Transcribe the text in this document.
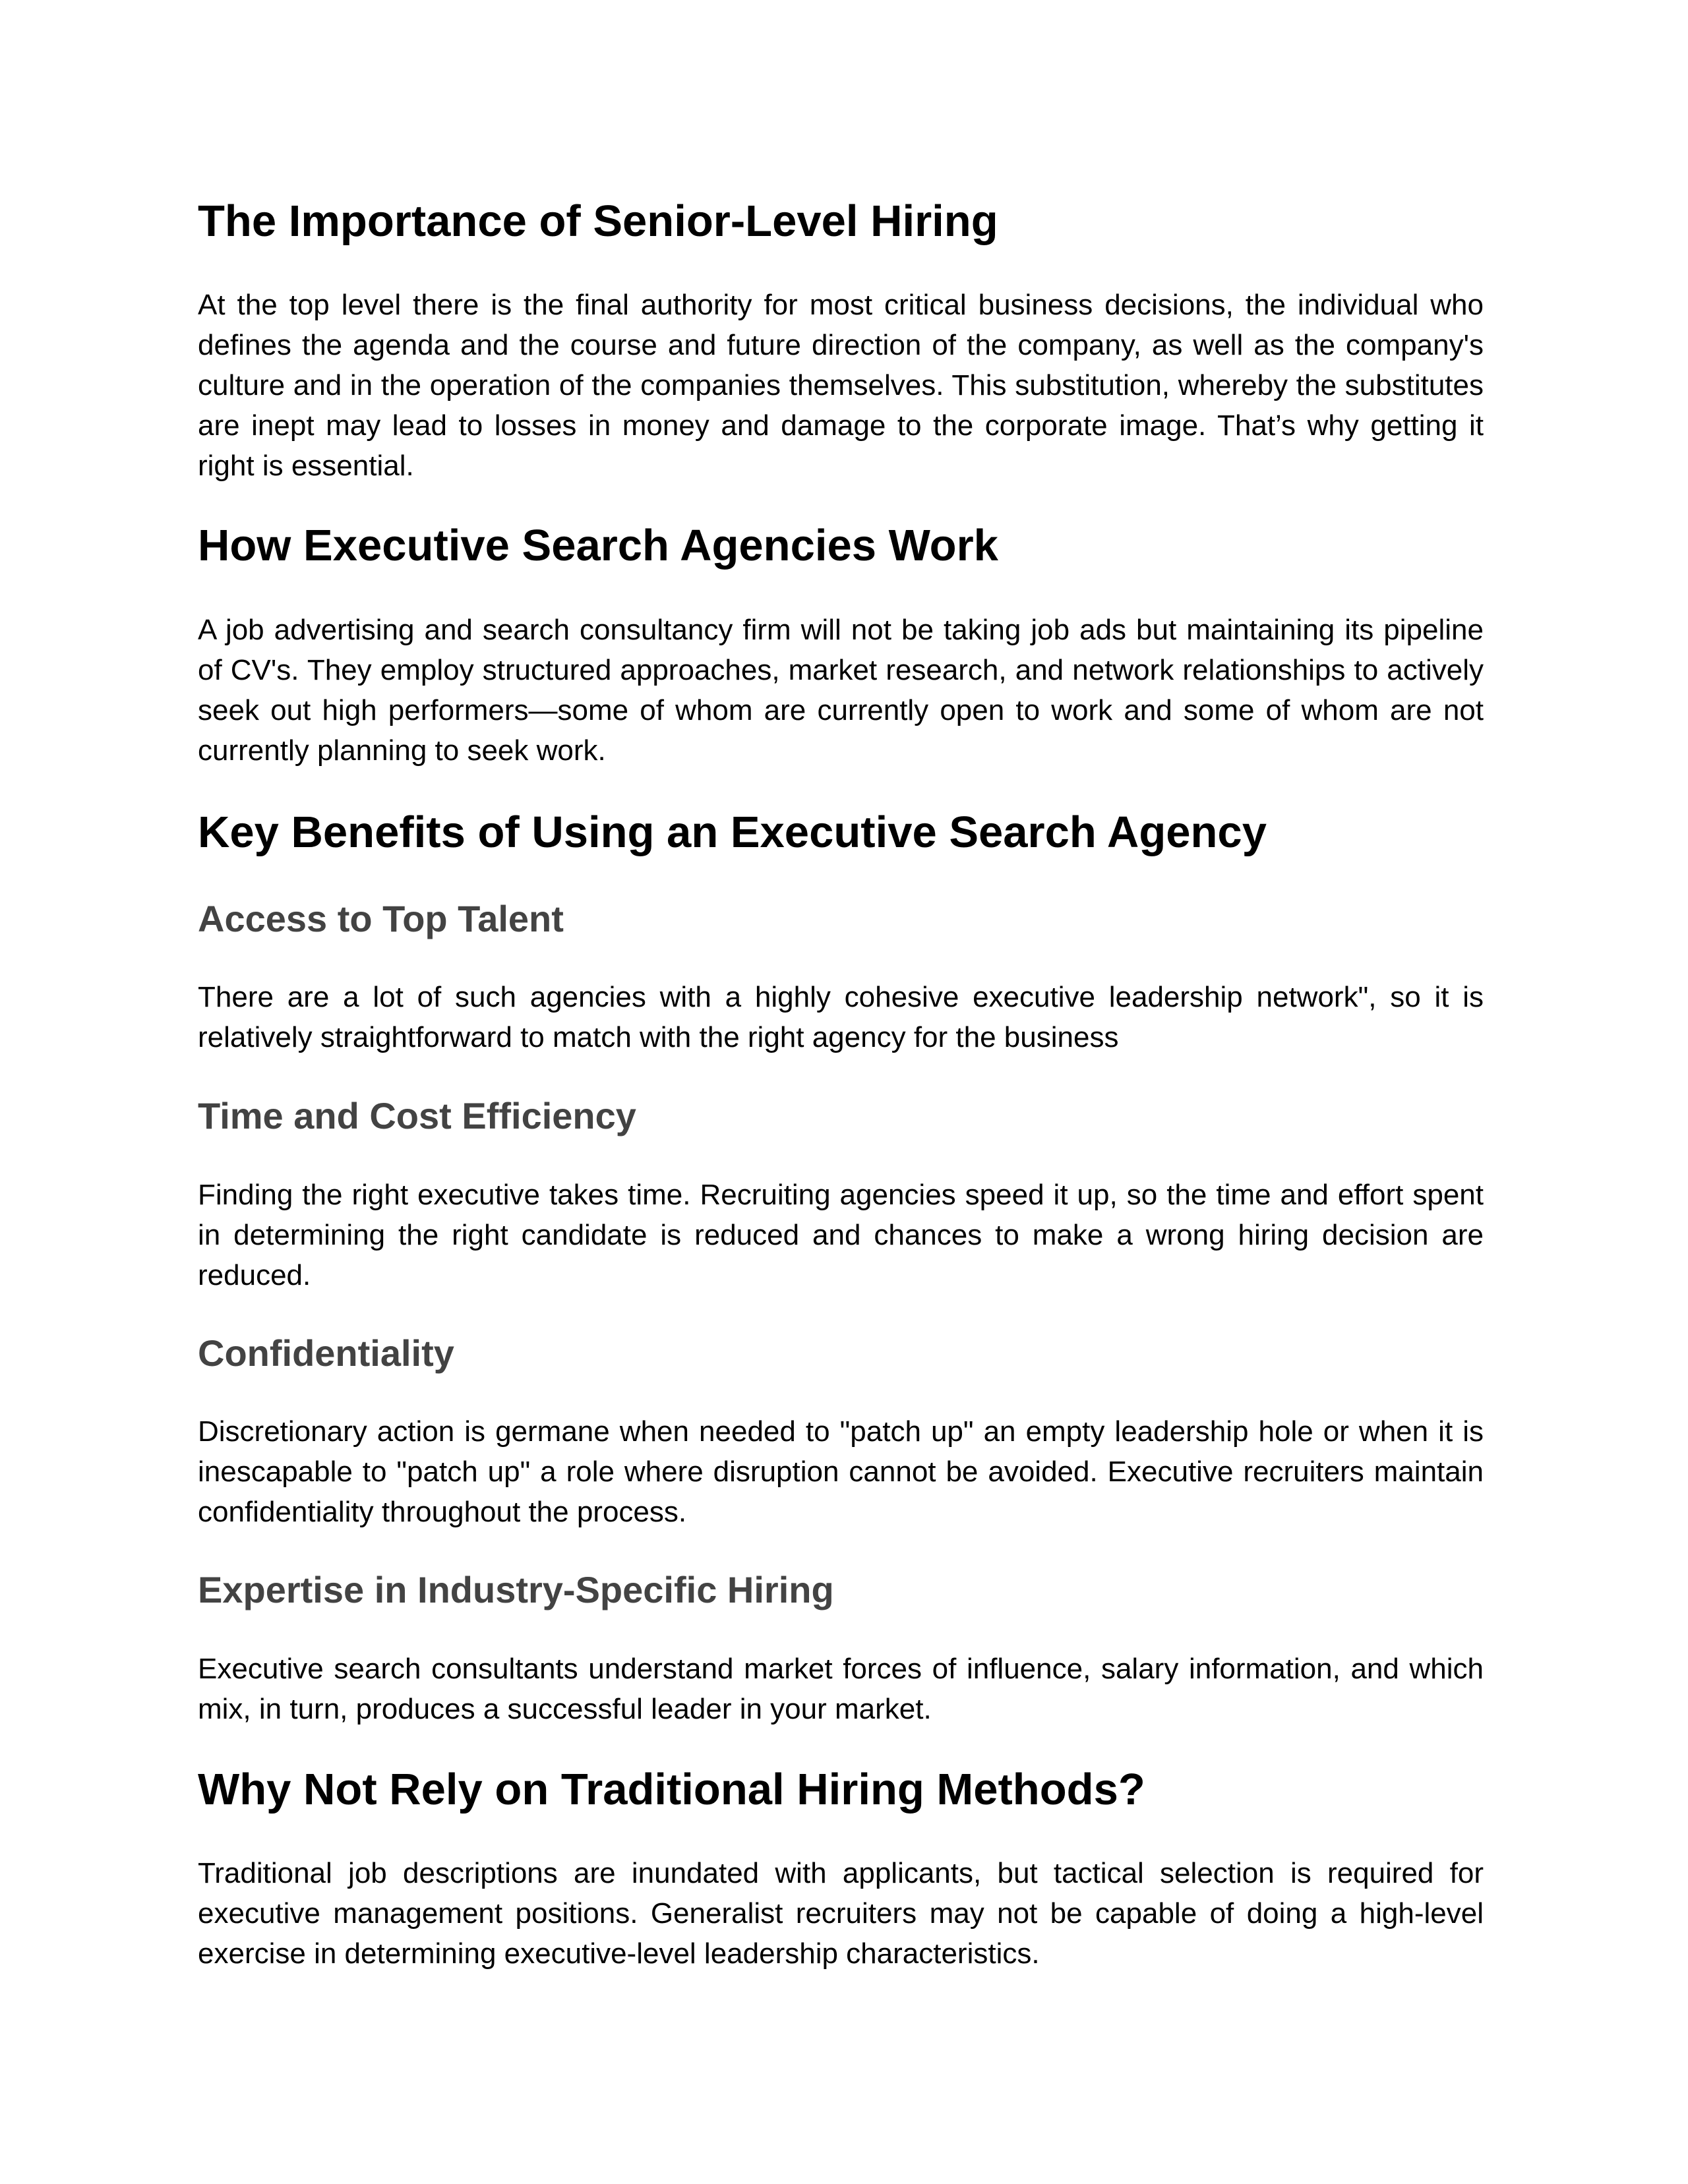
The Importance of Senior-Level Hiring

At the top level there is the final authority for most critical business decisions, the individual who defines the agenda and the course and future direction of the company, as well as the company's culture and in the operation of the companies themselves. This substitution, whereby the substitutes are inept may lead to losses in money and damage to the corporate image. That’s why getting it right is essential.

How Executive Search Agencies Work

A job advertising and search consultancy firm will not be taking job ads but maintaining its pipeline of CV's. They employ structured approaches, market research, and network relationships to actively seek out high performers—some of whom are currently open to work and some of whom are not currently planning to seek work.

Key Benefits of Using an Executive Search Agency
Access to Top Talent

There are a lot of such agencies with a highly cohesive executive leadership network", so it is relatively straightforward to match with the right agency for the business

Time and Cost Efficiency

Finding the right executive takes time. Recruiting agencies speed it up, so the time and effort spent in determining the right candidate is reduced and chances to make a wrong hiring decision are reduced.

Confidentiality

Discretionary action is germane when needed to "patch up" an empty leadership hole or when it is inescapable to "patch up" a role where disruption cannot be avoided. Executive recruiters maintain confidentiality throughout the process.

Expertise in Industry-Specific Hiring

Executive search consultants understand market forces of influence, salary information, and which mix, in turn, produces a successful leader in your market.

Why Not Rely on Traditional Hiring Methods?

Traditional job descriptions are inundated with applicants, but tactical selection is required for executive management positions. Generalist recruiters may not be capable of doing a high-level exercise in determining executive-level leadership characteristics.
